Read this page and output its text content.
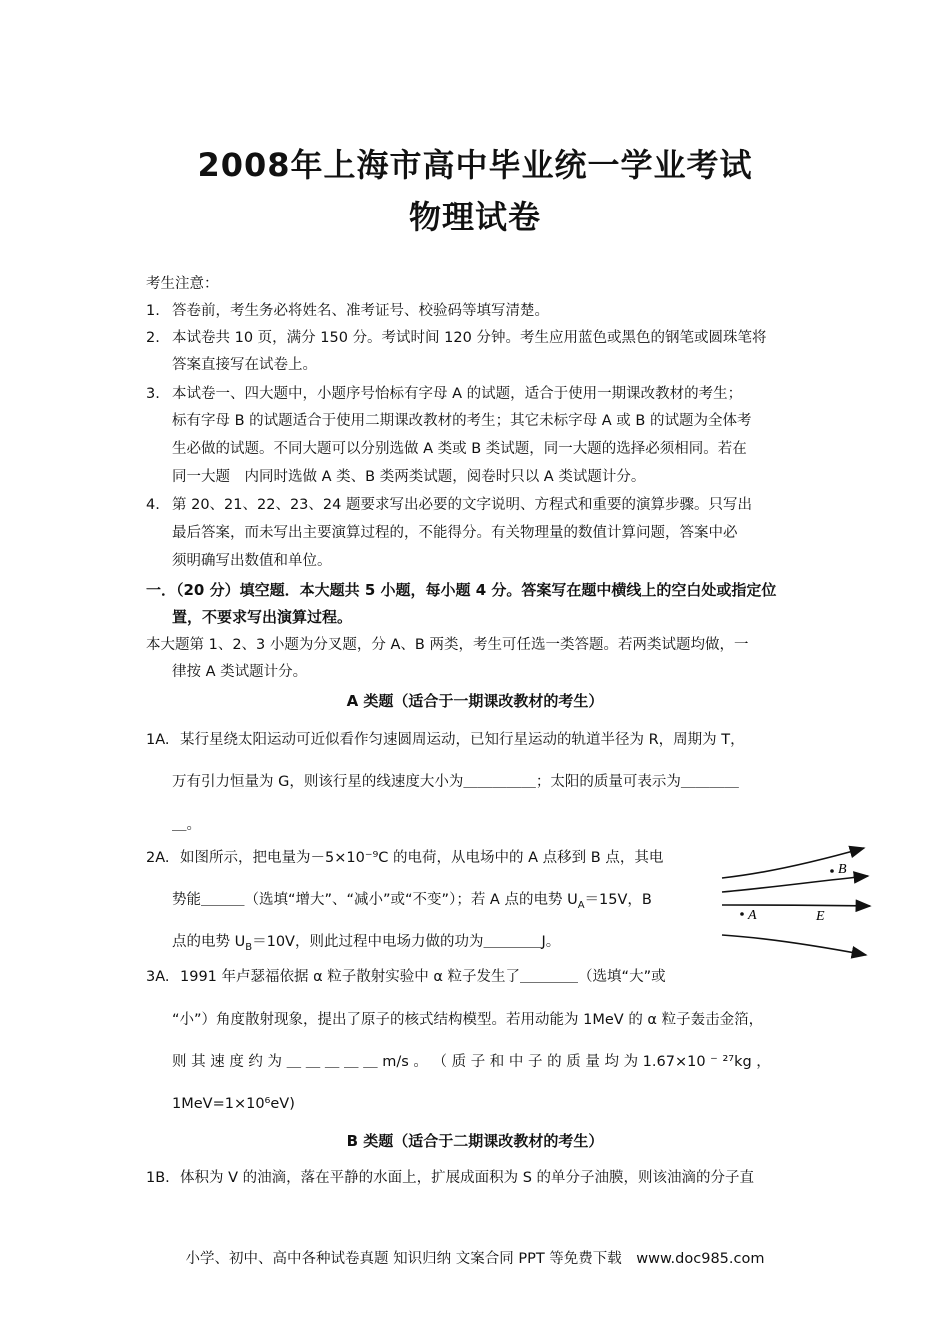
2008年上海市高中毕业统一学业考试
物理试卷
考生注意：
1. 答卷前，考生务必将姓名、准考证号、校验码等填写清楚。
2. 本试卷共 10 页，满分 150 分。考试时间 120 分钟。考生应用蓝色或黑色的钢笔或圆珠笔将
答案直接写在试卷上。
3. 本试卷一、四大题中，小题序号怡标有字母 A 的试题，适合于使用一期课改教材的考生；
标有字母 B 的试题适合于使用二期课改教材的考生；其它未标字母 A 或 B 的试题为全体考
生必做的试题。不同大题可以分别选做 A 类或 B 类试题，同一大题的选择必须相同。若在
同一大题　内同时选做 A 类、B 类两类试题，阅卷时只以 A 类试题计分。
4. 第 20、21、22、23、24 题要求写出必要的文字说明、方程式和重要的演算步骤。只写出
最后答案，而未写出主要演算过程的，不能得分。有关物理量的数值计算问题，答案中必
须明确写出数值和单位。
一．（20 分）填空题．本大题共 5 小题，每小题 4 分。答案写在题中横线上的空白处或指定位
置，不要求写出演算过程。
本大题第 1、2、3 小题为分叉题，分 A、B 两类，考生可任选一类答题。若两类试题均做，一
律按 A 类试题计分。
A 类题（适合于一期课改教材的考生）
1A. 某行星绕太阳运动可近似看作匀速圆周运动，已知行星运动的轨道半径为 R，周期为 T，
万有引力恒量为 G，则该行星的线速度大小为＿＿＿＿＿；太阳的质量可表示为＿＿＿＿
＿。
2A. 如图所示，把电量为－5×10⁻⁹C 的电荷，从电场中的 A 点移到 B 点，其电
势能＿＿＿（选填“增大”、“减小”或“不变”）；若 A 点的电势 $U_A=15V$，B
点的电势 $U_B=10V$，则此过程中电场力做的功为＿＿＿＿J。
B
A	E
3A. 1991 年卢瑟福依据 α 粒子散射实验中 α 粒子发生了＿＿＿＿（选填“大”或
“小”）角度散射现象，提出了原子的核式结构模型。若用动能为 1MeV 的 α 粒子轰击金箔，
则 其 速 度 约 为 ＿ ＿ ＿ ＿ ＿ m/s 。 （ 质 子 和 中 子 的 质 量 均 为 1.67×10 ⁻ ²⁷kg ，
1MeV=1×10⁶eV)
B 类题（适合于二期课改教材的考生）
1B. 体积为 V 的油滴，落在平静的水面上，扩展成面积为 S 的单分子油膜，则该油滴的分子直
小学、初中、高中各种试卷真题 知识归纳 文案合同 PPT 等免费下载　www.doc985.com
